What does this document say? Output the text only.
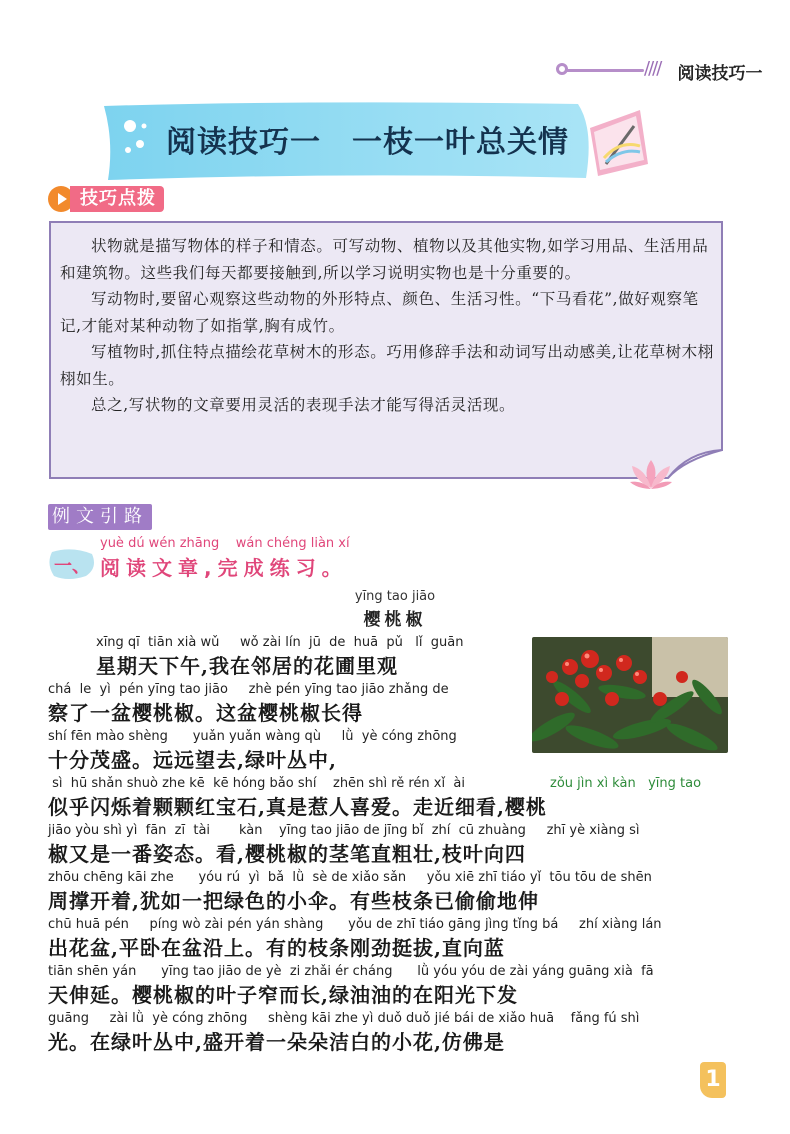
////	阅读技巧一
阅读技巧一　一枝一叶总关情
技巧点拨

状物就是描写物体的样子和情态。可写动物、植物以及其他实物,如学习用品、生活用品和建筑物。这些我们每天都要接触到,所以学习说明实物也是十分重要的。

写动物时,要留心观察这些动物的外形特点、颜色、生活习性。“下马看花”,做好观察笔记,才能对某种动物了如指掌,胸有成竹。

写植物时,抓住特点描绘花草树木的形态。巧用修辞手法和动词写出动感美,让花草树木栩栩如生。

总之,写状物的文章要用灵活的表现手法才能写得活灵活现。

例文引路
一、
yuè dú wén zhāng    wán chéng liàn xí
阅读文章,完成练习。
yīng tao jiāo
樱桃椒
xīng qī  tiān xià wǔ     wǒ zài lín  jū  de  huā  pǔ   lǐ  guān
星期天下午,我在邻居的花圃里观
chá  le  yì  pén yīng tao jiāo     zhè pén yīng tao jiāo zhǎng de
察了一盆樱桃椒。这盆樱桃椒长得
shí fēn mào shèng      yuǎn yuǎn wàng qù     lǜ  yè cóng zhōng
十分茂盛。远远望去,绿叶丛中,
sì  hū shǎn shuò zhe kē  kē hóng bǎo shí    zhēn shì rě rén xǐ  ài	zǒu jìn xì kàn   yīng tao
似乎闪烁着颗颗红宝石,真是惹人喜爱。走近细看,樱桃
jiāo yòu shì yì  fān  zī  tài       kàn    yīng tao jiāo de jīng bǐ  zhí  cū zhuàng     zhī yè xiàng sì
椒又是一番姿态。看,樱桃椒的茎笔直粗壮,枝叶向四
zhōu chēng kāi zhe      yóu rú  yì  bǎ  lǜ  sè de xiǎo sǎn     yǒu xiē zhī tiáo yǐ  tōu tōu de shēn
周撑开着,犹如一把绿色的小伞。有些枝条已偷偷地伸
chū huā pén     píng wò zài pén yán shàng      yǒu de zhī tiáo gāng jìng tǐng bá     zhí xiàng lán
出花盆,平卧在盆沿上。有的枝条刚劲挺拔,直向蓝
tiān shēn yán      yīng tao jiāo de yè  zi zhǎi ér cháng      lǜ yóu yóu de zài yáng guāng xià  fā
天伸延。樱桃椒的叶子窄而长,绿油油的在阳光下发
guāng     zài lǜ  yè cóng zhōng     shèng kāi zhe yì duǒ duǒ jié bái de xiǎo huā    fǎng fú shì
光。在绿叶丛中,盛开着一朵朵洁白的小花,仿佛是
1
